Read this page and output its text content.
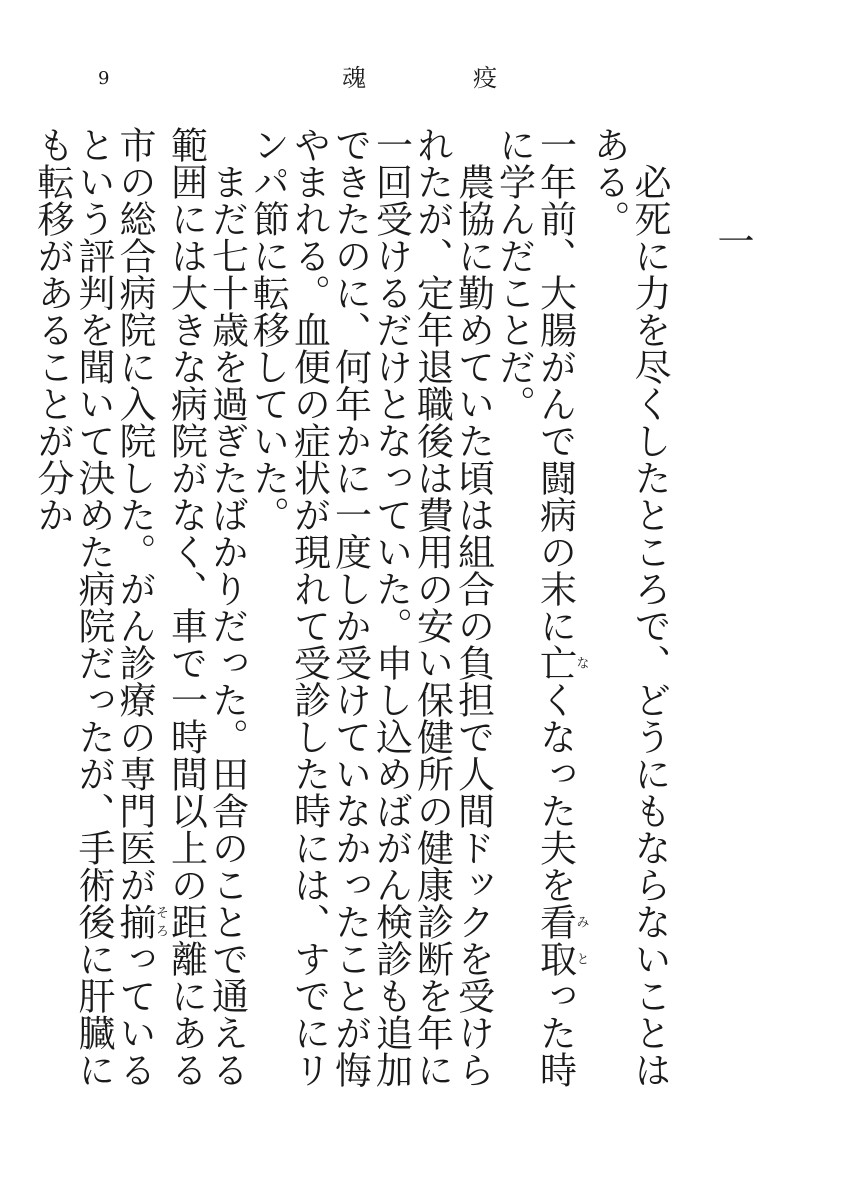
9	魂	疫
一

必死に力を尽くしたところで、どうにもならないことはある。

一年前、大腸がんで闘病の末に亡なくなった夫を看取みとった時に学んだことだ。

農協に勤めていた頃は組合の負担で人間ドックを受けられたが、定年退職後は費用の安い保健所の健康診断を年に一回受けるだけとなっていた。申し込めばがん検診も追加できたのに、何年かに一度しか受けていなかったことが悔やまれる。血便の症状が現れて受診した時には、すでにリンパ節に転移していた。

まだ七十歳を過ぎたばかりだった。田舎のことで通える範囲には大きな病院がなく、車で一時間以上の距離にある市の総合病院に入院した。がん診療の専門医が揃そろっているという評判を聞いて決めた病院だったが、手術後に肝臓にも転移があることが分か
